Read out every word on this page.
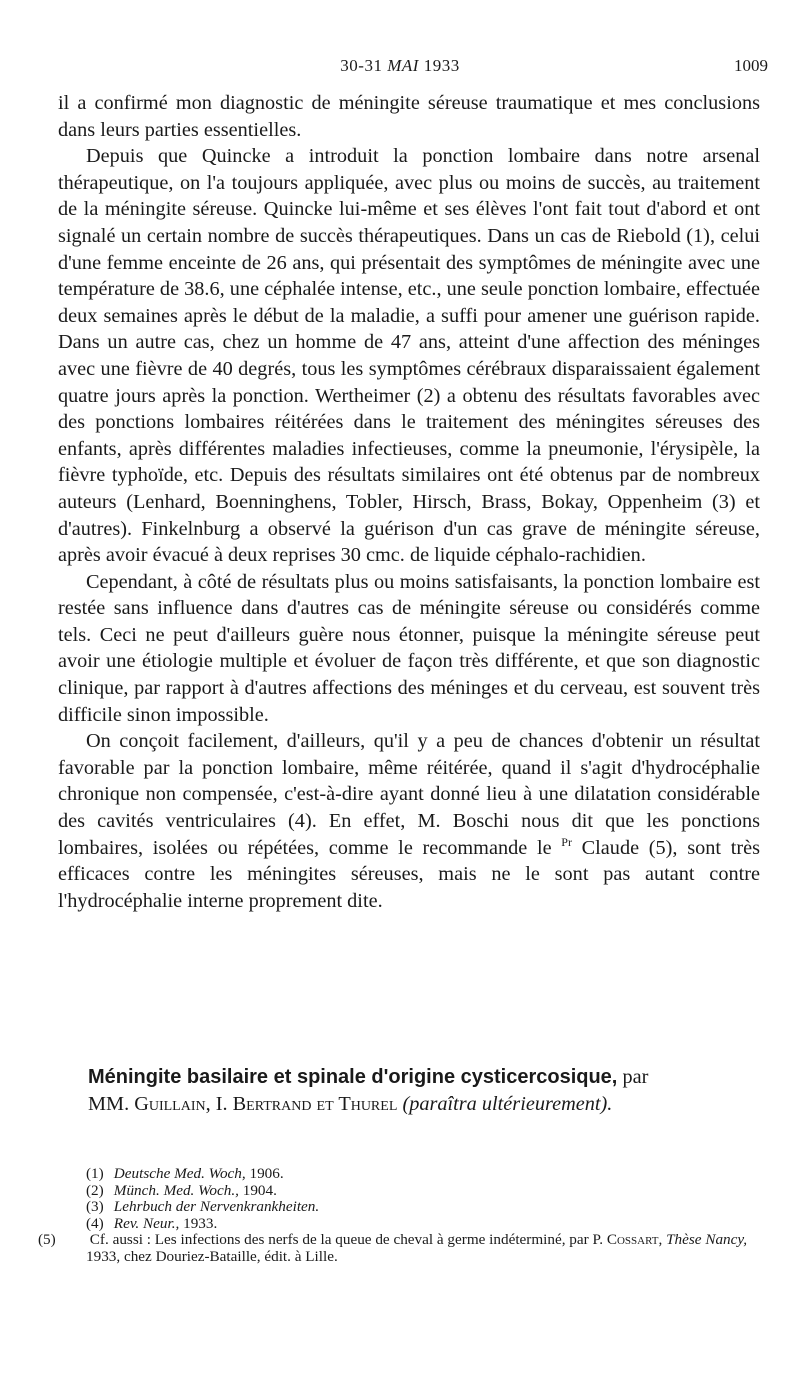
30-31 MAI 1933	1009

il a confirmé mon diagnostic de méningite séreuse traumatique et mes conclusions dans leurs parties essentielles.

Depuis que Quincke a introduit la ponction lombaire dans notre arsenal thérapeutique, on l'a toujours appliquée, avec plus ou moins de succès, au traitement de la méningite séreuse. Quincke lui-même et ses élèves l'ont fait tout d'abord et ont signalé un certain nombre de succès thérapeutiques. Dans un cas de Riebold (1), celui d'une femme enceinte de 26 ans, qui présentait des symptômes de méningite avec une température de 38.6, une céphalée intense, etc., une seule ponction lombaire, effectuée deux semaines après le début de la maladie, a suffi pour amener une guérison rapide. Dans un autre cas, chez un homme de 47 ans, atteint d'une affection des méninges avec une fièvre de 40 degrés, tous les symptômes cérébraux disparaissaient également quatre jours après la ponction. Wertheimer (2) a obtenu des résultats favorables avec des ponctions lombaires réitérées dans le traitement des méningites séreuses des enfants, après différentes maladies infectieuses, comme la pneumonie, l'érysipèle, la fièvre typhoïde, etc. Depuis des résultats similaires ont été obtenus par de nombreux auteurs (Lenhard, Boenninghens, Tobler, Hirsch, Brass, Bokay, Oppenheim (3) et d'autres). Finkelnburg a observé la guérison d'un cas grave de méningite séreuse, après avoir évacué à deux reprises 30 cmc. de liquide céphalo-rachidien.

Cependant, à côté de résultats plus ou moins satisfaisants, la ponction lombaire est restée sans influence dans d'autres cas de méningite séreuse ou considérés comme tels. Ceci ne peut d'ailleurs guère nous étonner, puisque la méningite séreuse peut avoir une étiologie multiple et évoluer de façon très différente, et que son diagnostic clinique, par rapport à d'autres affections des méninges et du cerveau, est souvent très difficile sinon impossible.

On conçoit facilement, d'ailleurs, qu'il y a peu de chances d'obtenir un résultat favorable par la ponction lombaire, même réitérée, quand il s'agit d'hydrocéphalie chronique non compensée, c'est-à-dire ayant donné lieu à une dilatation considérable des cavités ventriculaires (4). En effet, M. Boschi nous dit que les ponctions lombaires, isolées ou répétées, comme le recommande le $^{Pr}$ Claude (5), sont très efficaces contre les méningites séreuses, mais ne le sont pas autant contre l'hydrocéphalie interne proprement dite.

Méningite basilaire et spinale d'origine cysticercosique, par
MM. Guillain, I. Bertrand et Thurel (paraîtra ultérieurement).

(1) Deutsche Med. Woch, 1906.

(2) Münch. Med. Woch., 1904.

(3) Lehrbuch der Nervenkrankheiten.

(4) Rev. Neur., 1933.

(5) Cf. aussi : Les infections des nerfs de la queue de cheval à germe indéterminé, par P. Cossart, Thèse Nancy, 1933, chez Douriez-Bataille, édit. à Lille.
